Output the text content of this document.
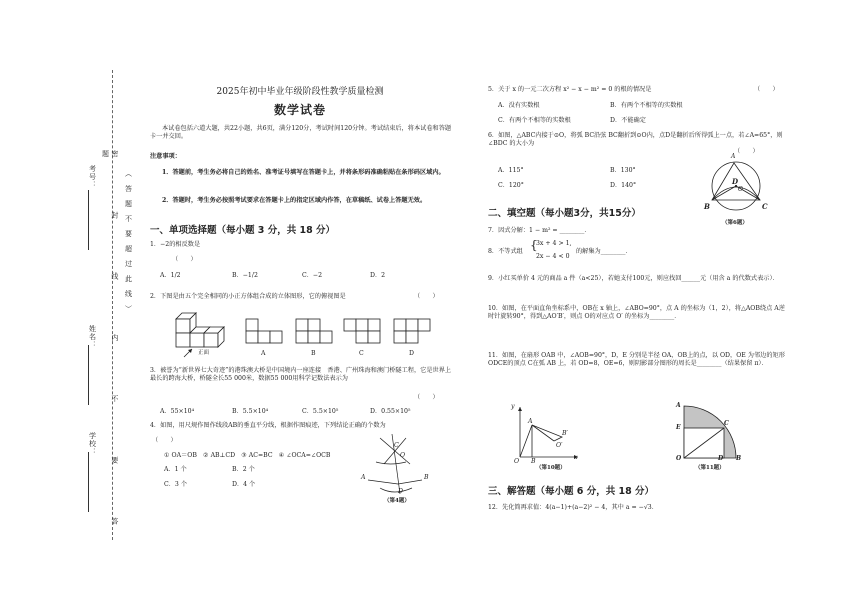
考号：
姓名：
学校：	密 封 线 内 不 要 答 题
（答题不要超过此线）
2025年初中毕业年级阶段性教学质量检测
数学试卷
本试卷包括六道大题，共22小题，共6页，满分120分，考试时间120分钟。考试结束后，将本试卷和答题卡一并交回。
注意事项：
1．答题前，考生务必将自己的姓名、准考证号填写在答题卡上，并将条形码准确粘贴在条形码区域内。
2．答题时，考生务必按照考试要求在答题卡上的指定区域内作答，在草稿纸、试卷上答题无效。
一、单项选择题（每小题 3 分，共 18 分）
1．−2的相反数是
（　　）
A．1/2	B．−1/2	C．−2	D．2
2．下图是由五个完全相同的小正方体组合成的立体图形，它的俯视图是	（　　）
正面	A	B	C	D
3．被誉为“新世界七大奇迹”的港珠澳大桥是中国境内一座连接　香港、广州珠海和澳门桥隧工程，它是世界上最长的跨海大桥，桥隧全长55 000米，数据55 000用科学记数法表示为
（　　）
A．55×10⁴	B．5.5×10⁴	C．5.5×10⁵	D．0.55×10⁵
4．如图，用尺规作图作线段AB的垂直平分线，根据作图痕迹，下列结论正确的个数为
（　　）
① OA＝OB　② AB⊥CD　③ AC=BC　④ ∠OCA=∠OCB
A．1 个	B．2 个
C．3 个	D．4 个
C
O
A	B
D
（第4题）
5．关于 x 的一元二次方程 x² − x − m² = 0 的根的情况是	（　　）
A．没有实数根	B．有两个不相等的实数根
C．有两个不相等的实数根	D．不能确定
6．如图，△ABC内接于⊙O，将弧 BC沿弦 BC翻折到⊙O内，点D是翻折后所得弧上一点，若∠A=65°，则∠BDC 的大小为
（　　）
A．115°	B．130°
C．120°	D．140°
A
D
O
B	C
（第6题）
二、填空题（每小题3分，共15分）
7．因式分解：1 − m² = ________．
8．不等式组 {
3x + 4 > 1,
2x − 4 < 0
的解集为________．
9．小红买单价 4 元的商品 a 件（a<25），若她支付100元，则应找回______元（用含 a 的代数式表示）．
10．如图，在平面直角坐标系中，OB在 x 轴上，∠ABO=90°，点 A 的坐标为（1，2），将△AOB绕点 A逆时针旋转90°，得到△AO′B′，则点 O的对应点 O′ 的坐标为________．
11．如图，在扇形 OAB 中，∠AOB=90°，D，E 分别是半径 OA，OB上的点，以 OD，OE 为邻边的矩形 ODCE的顶点 C在弧 AB 上，若 OD=8，OE=6，则阴影部分图形的周长是________（结果保留 π）．
y
A
B′
O′
O B
x
（第10题）
A
E
C
O	D B
（第11题）
三、解答题（每小题 6 分，共 18 分）
12．先化简再求值：4(a−1)+(a−2)² − 4，其中 a = −√3．
